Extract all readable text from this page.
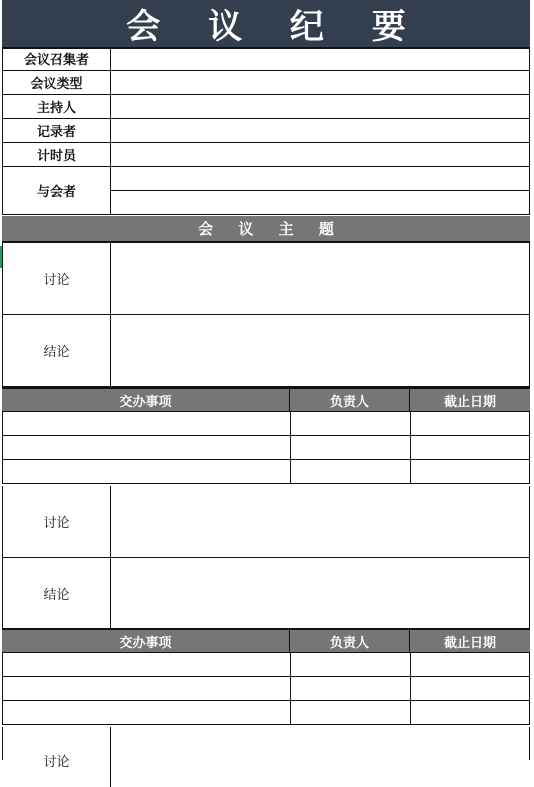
会 议 纪 要
会议召集者
会议类型
主持人
记录者
计时员
与会者
会 议 主 题
讨论
结论
交办事项	负责人	截止日期
讨论
结论
交办事项	负责人	截止日期
讨论
